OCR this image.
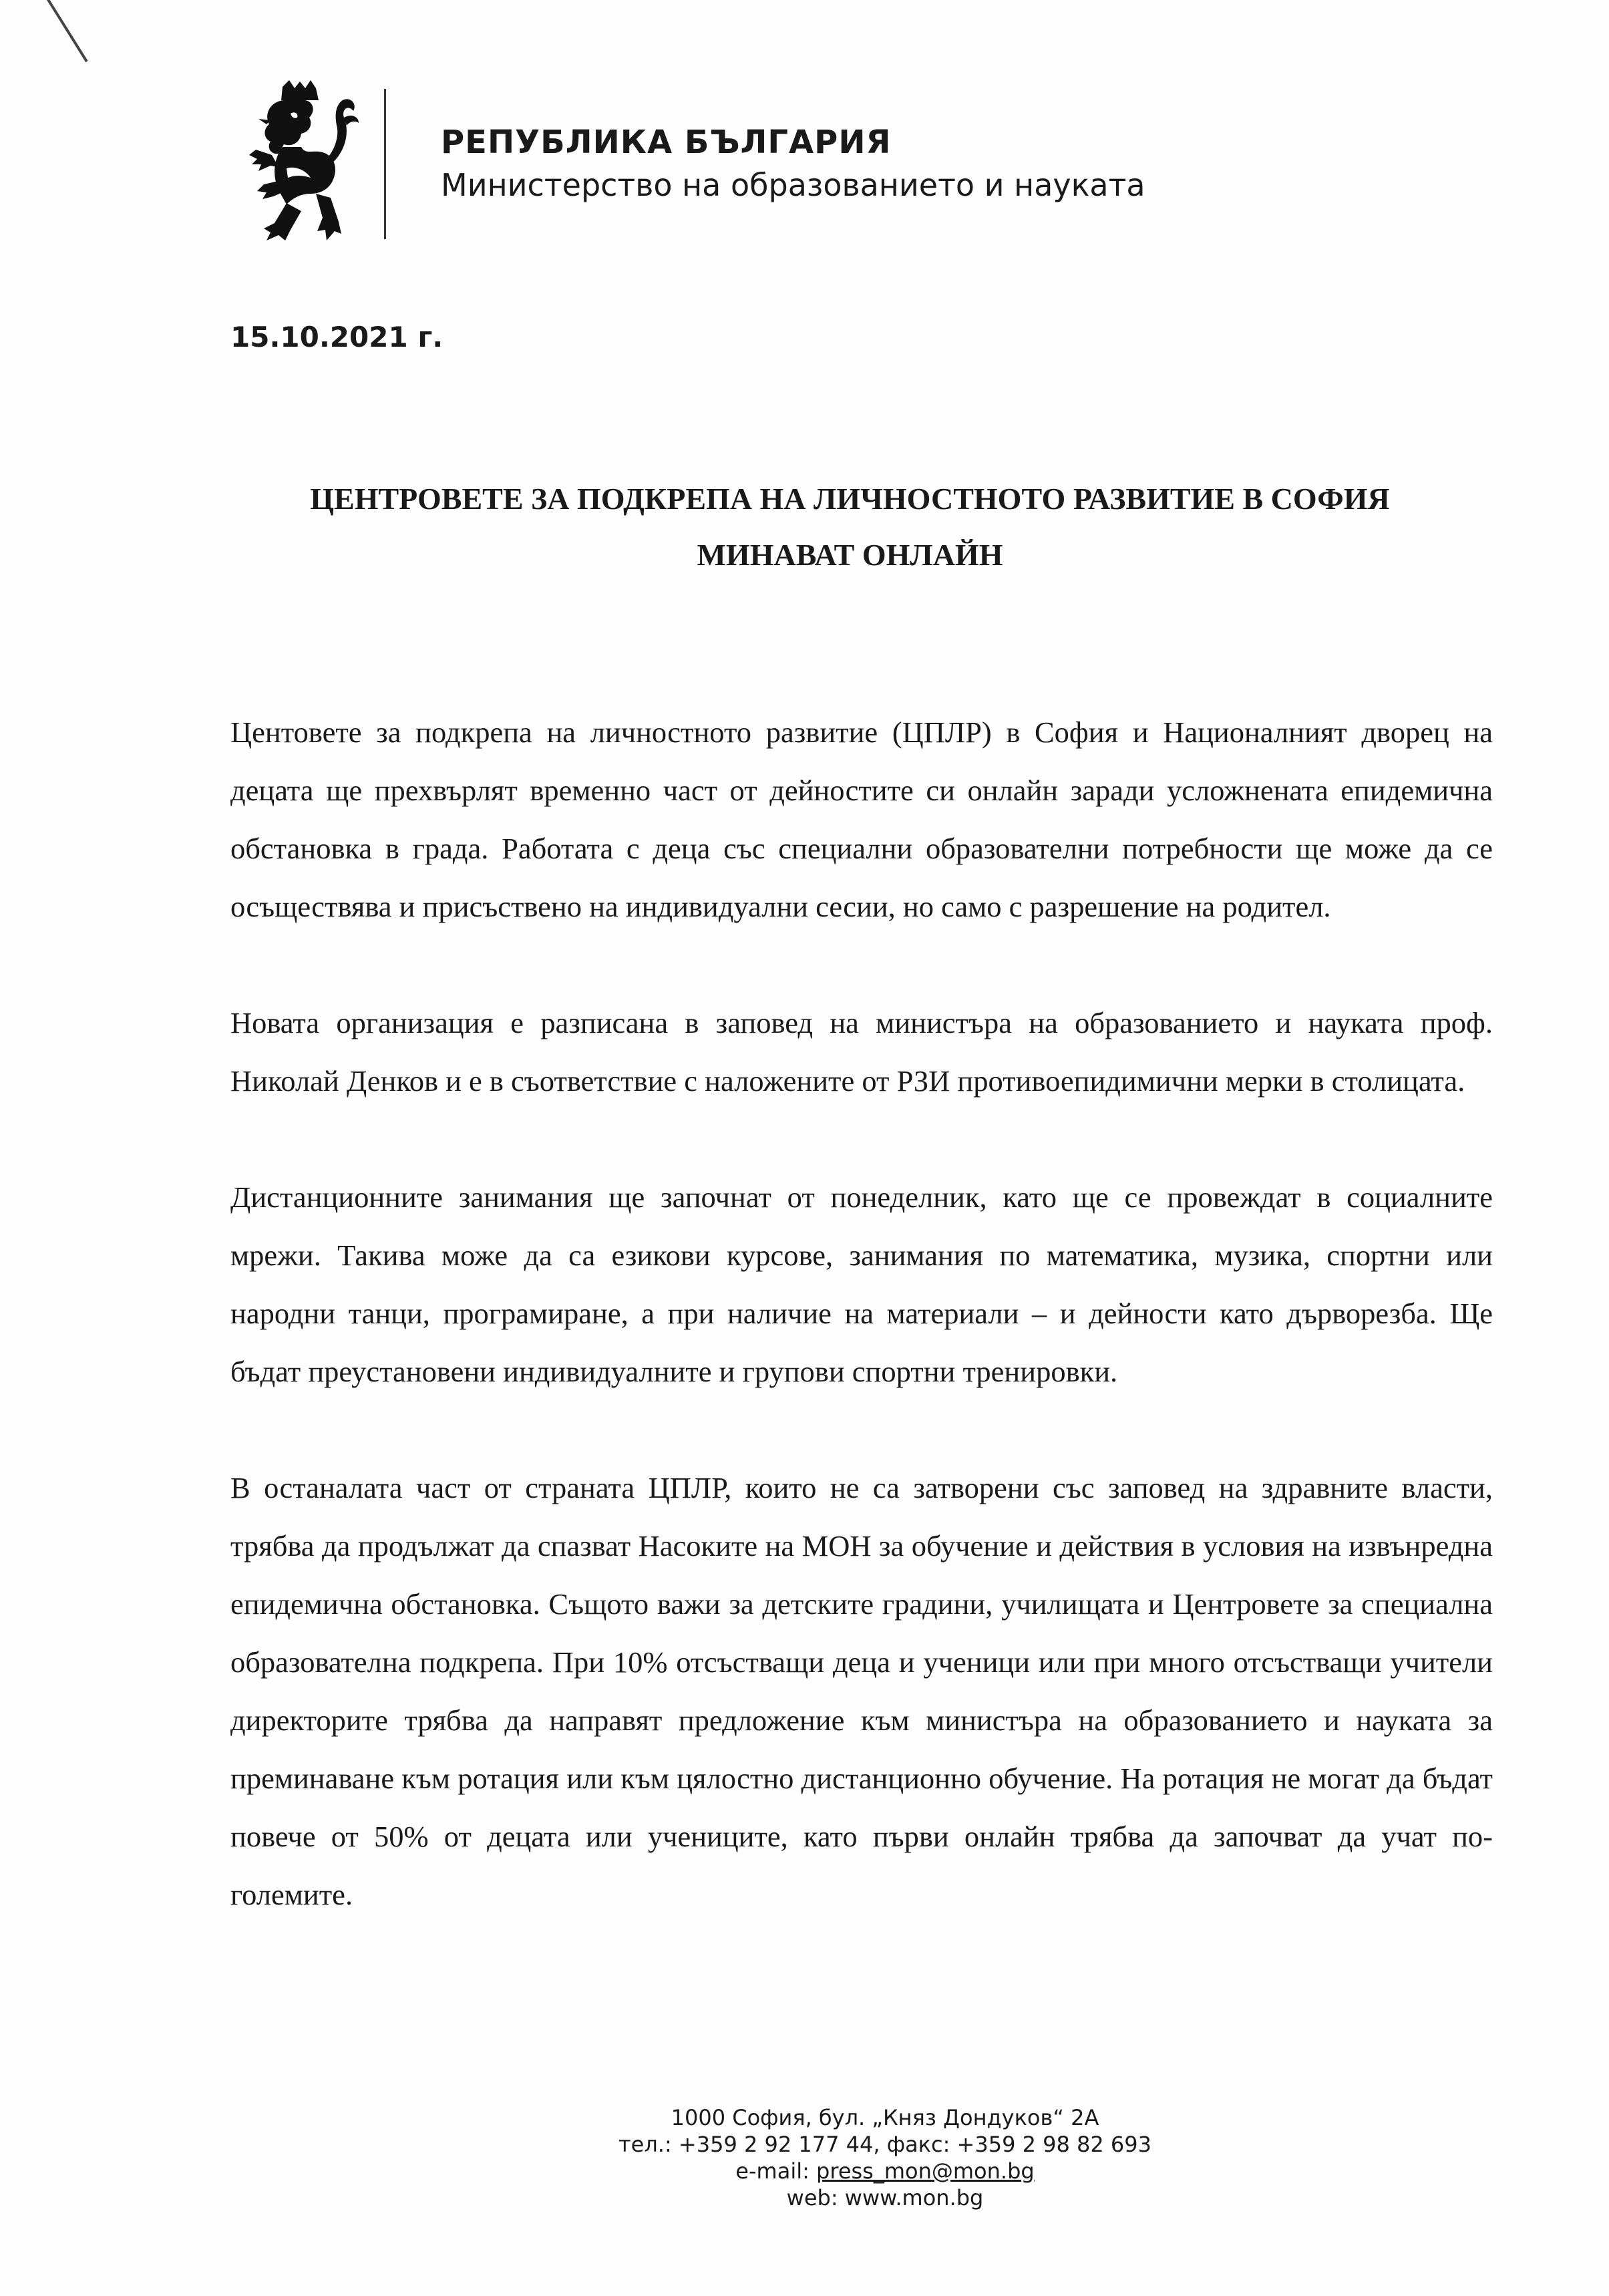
РЕПУБЛИКА БЪЛГАРИЯ
Министерство на образованието и науката
15.10.2021 г.
ЦЕНТРОВЕТЕ ЗА ПОДКРЕПА НА ЛИЧНОСТНОТО РАЗВИТИЕ В СОФИЯ
МИНАВАТ ОНЛАЙН

Центовете за подкрепа на личностното развитие (ЦПЛР) в София и Националният дворец на децата ще прехвърлят временно част от дейностите си онлайн заради усложнената епидемична обстановка в града. Работата с деца със специални образователни потребности ще може да се осъществява и присъствено на индивидуални сесии, но само с разрешение на родител.

Новата организация е разписана в заповед на министъра на образованието и науката проф. Николай Денков и е в съответствие с наложените от РЗИ противоепидимични мерки в столицата.

Дистанционните занимания ще започнат от понеделник, като ще се провеждат в социалните мрежи. Такива може да са езикови курсове, занимания по математика, музика, спортни или народни танци, програмиране, а при наличие на материали – и дейности като дърворезба. Ще бъдат преустановени индивидуалните и групови спортни тренировки.

В останалата част от страната ЦПЛР, които не са затворени със заповед на здравните власти, трябва да продължат да спазват Насоките на МОН за обучение и действия в условия на извънредна епидемична обстановка. Същото важи за детските градини, училищата и Центровете за специална образователна подкрепа. При 10% отсъстващи деца и ученици или при много отсъстващи учители директорите трябва да направят предложение към министъра на образованието и науката за преминаване към ротация или към цялостно дистанционно обучение. На ротация не могат да бъдат повече от 50% от децата или учениците, като първи онлайн трябва да започват да учат по-големите.

1000 София, бул. „Княз Дондуков“ 2А
тел.: +359 2 92 177 44, факс: +359 2 98 82 693
e-mail: press_mon@mon.bg
web: www.mon.bg
